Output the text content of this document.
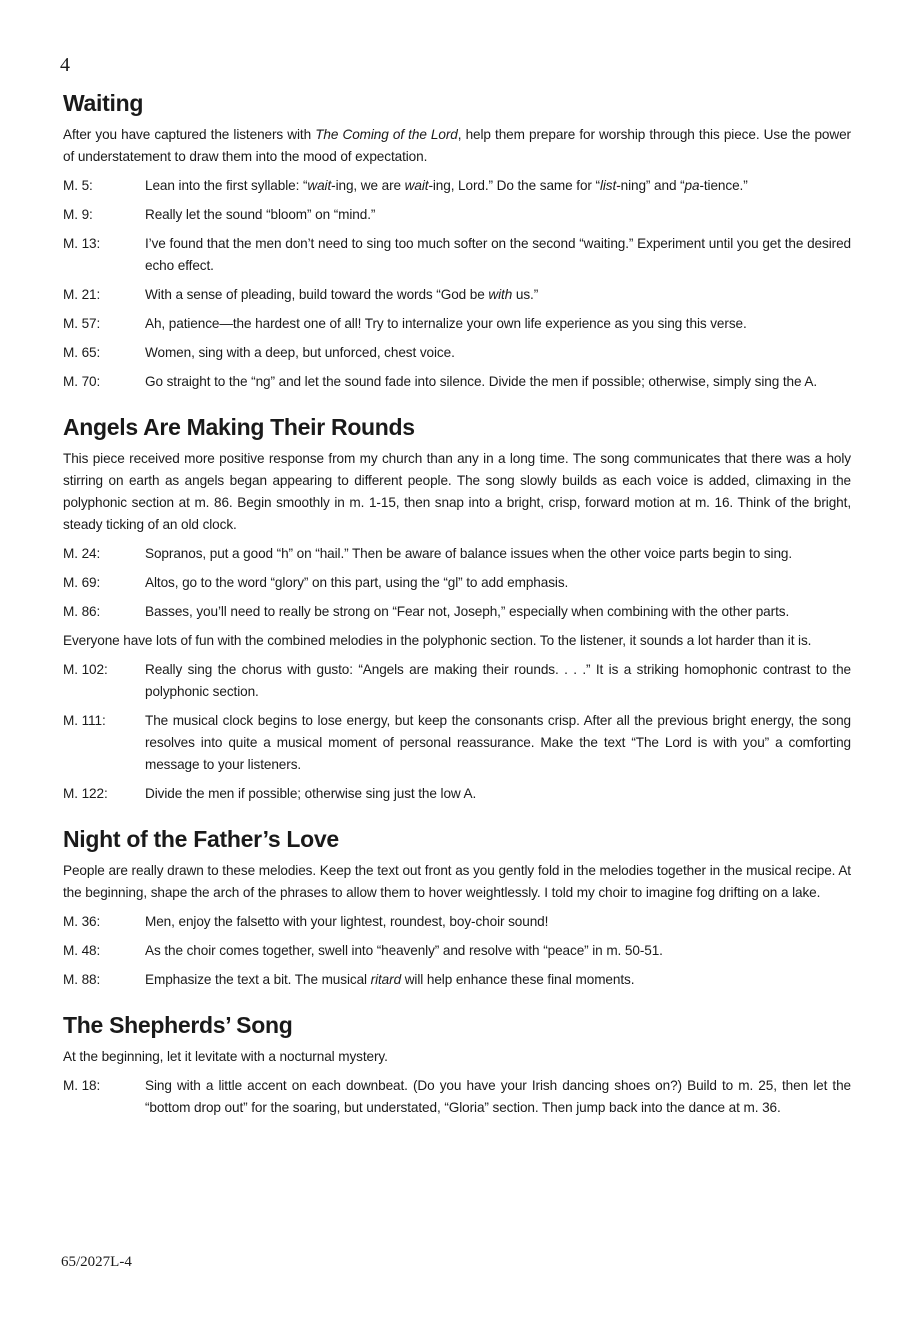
4
Waiting

After you have captured the listeners with The Coming of the Lord, help them prepare for worship through this piece. Use the power of understatement to draw them into the mood of expectation.

M. 5:	Lean into the first syllable: “wait-ing, we are wait-ing, Lord.” Do the same for “list-ning” and “pa-tience.”
M. 9:	Really let the sound “bloom” on “mind.”
M. 13:	I’ve found that the men don’t need to sing too much softer on the second “waiting.” Experiment until you get the desired echo effect.
M. 21:	With a sense of pleading, build toward the words “God be with us.”
M. 57:	Ah, patience—the hardest one of all! Try to internalize your own life experience as you sing this verse.
M. 65:	Women, sing with a deep, but unforced, chest voice.
M. 70:	Go straight to the “ng” and let the sound fade into silence. Divide the men if possible; otherwise, simply sing the A.
Angels Are Making Their Rounds

This piece received more positive response from my church than any in a long time. The song communicates that there was a holy stirring on earth as angels began appearing to different people. The song slowly builds as each voice is added, climaxing in the polyphonic section at m. 86. Begin smoothly in m. 1-15, then snap into a bright, crisp, forward motion at m. 16. Think of the bright, steady ticking of an old clock.

M. 24:	Sopranos, put a good “h” on “hail.” Then be aware of balance issues when the other voice parts begin to sing.
M. 69:	Altos, go to the word “glory” on this part, using the “gl” to add emphasis.
M. 86:	Basses, you’ll need to really be strong on “Fear not, Joseph,” especially when combining with the other parts.

Everyone have lots of fun with the combined melodies in the polyphonic section. To the listener, it sounds a lot harder than it is.

M. 102:	Really sing the chorus with gusto: “Angels are making their rounds. . . .” It is a striking homophonic contrast to the polyphonic section.
M. 111:	The musical clock begins to lose energy, but keep the consonants crisp. After all the previous bright energy, the song resolves into quite a musical moment of personal reassurance. Make the text “The Lord is with you” a comforting message to your listeners.
M. 122:	Divide the men if possible; otherwise sing just the low A.
Night of the Father’s Love

People are really drawn to these melodies. Keep the text out front as you gently fold in the melodies together in the musical recipe. At the beginning, shape the arch of the phrases to allow them to hover weightlessly. I told my choir to imagine fog drifting on a lake.

M. 36:	Men, enjoy the falsetto with your lightest, roundest, boy-choir sound!
M. 48:	As the choir comes together, swell into “heavenly” and resolve with “peace” in m. 50-51.
M. 88:	Emphasize the text a bit. The musical ritard will help enhance these final moments.
The Shepherds’ Song

At the beginning, let it levitate with a nocturnal mystery.

M. 18:	Sing with a little accent on each downbeat. (Do you have your Irish dancing shoes on?) Build to m. 25, then let the “bottom drop out” for the soaring, but understated, “Gloria” section. Then jump back into the dance at m. 36.
65/2027L-4
